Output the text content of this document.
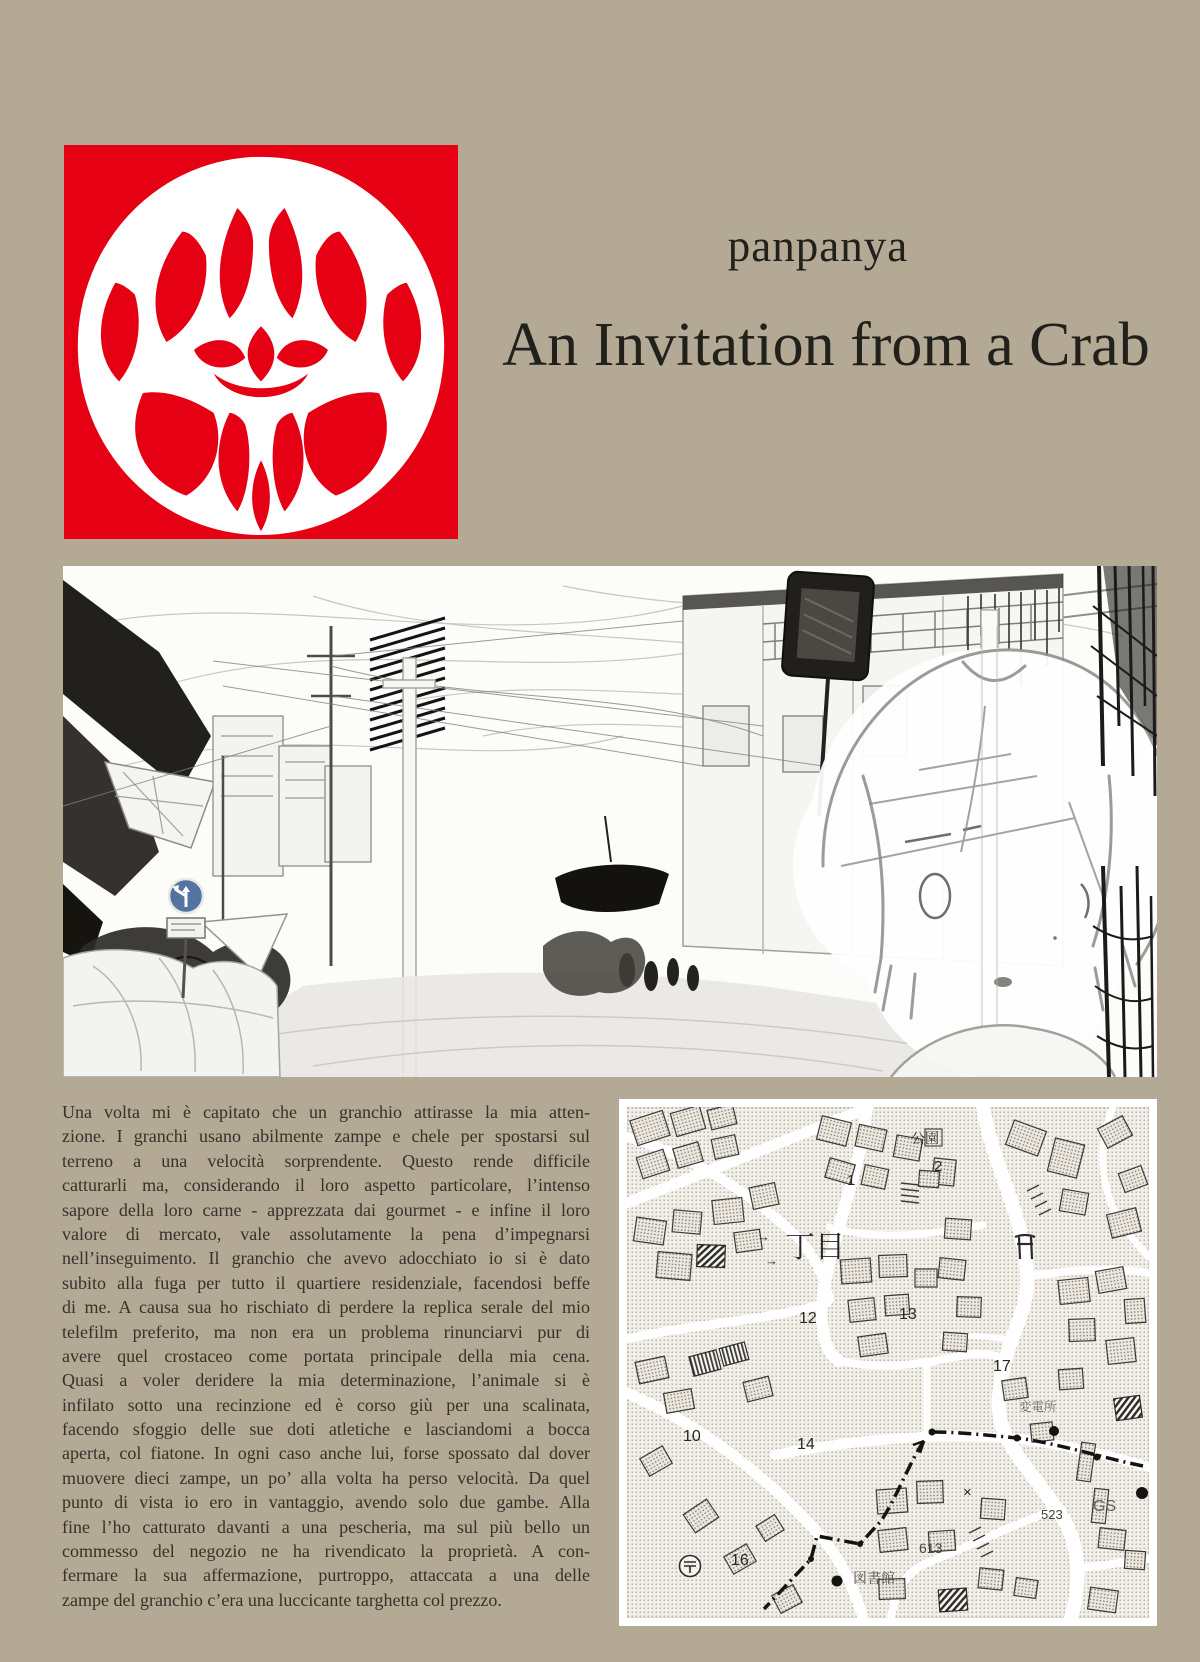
panpanya
An Invitation from a Crab
Una volta mi è capitato che un granchio attirasse la mia atten-
zione. I granchi usano abilmente zampe e chele per spostarsi sul
terreno a una velocità sorprendente. Questo rende difficile
catturarli ma, considerando il loro aspetto particolare, l’intenso
sapore della loro carne - apprezzata dai gourmet - e infine il loro
valore di mercato, vale assolutamente la pena d’impegnarsi
nell’inseguimento. Il granchio che avevo adocchiato io si è dato
subito alla fuga per tutto il quartiere residenziale, facendosi beffe
di me. A causa sua ho rischiato di perdere la replica serale del mio
telefilm preferito, ma non era un problema rinunciarvi pur di
avere quel crostaceo come portata principale della mia cena.
Quasi a voler deridere la mia determinazione, l’animale si è
infilato sotto una recinzione ed è corso giù per una scalinata,
facendo sfoggio delle sue doti atletiche e lasciandomi a bocca
aperta, col fiatone. In ogni caso anche lui, forse spossato dal dover
muovere dieci zampe, un po’ alla volta ha perso velocità. Da quel
punto di vista io ero in vantaggio, avendo solo due gambe. Alla
fine l’ho catturato davanti a una pescheria, ma sul più bello un
commesso del negozio ne ha rivendicato la proprietà. A con-
fermare la sua affermazione, purtroppo, attaccata a una delle
zampe del granchio c’era una luccicante targhetta col prezzo.
公園
2
1
→
→ 丁目
13
12
17
10	14
変電所
523 GS
×
613
16
図書館
